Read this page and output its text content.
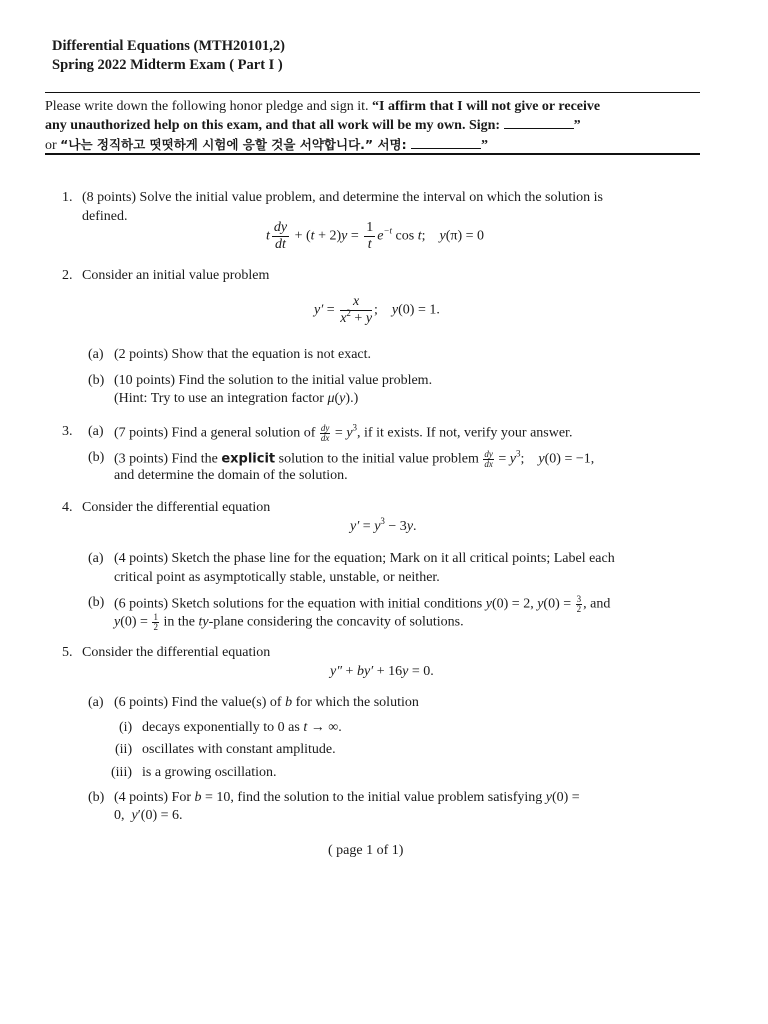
Differential Equations (MTH20101,2)
Spring 2022 Midterm Exam ( Part I )
Please write down the following honor pledge and sign it. “I affirm that I will not give or receive
any unauthorized help on this exam, and that all work will be my own. Sign:	”
or “나는 정직하고 떳떳하게 시험에 응할 것을 서약합니다.” 서명:	”
1. (8 points) Solve the initial value problem, and determine the interval on which the solution is
defined.
t $\frac{dy}{dt} + (t + 2)y = \frac{1}{t} e^{-t}$ cos t;    y(π) = 0
2. Consider an initial value problem
$y' = \frac{x}{x^2 + y}$ ;    y(0) = 1.
(a) (2 points) Show that the equation is not exact.
(b) (10 points) Find the solution to the initial value problem.
(Hint: Try to use an integration factor μ(y).)
3. (a) (7 points) Find a general solution of $\frac{dy}{dx} = y^3$, if it exists. If not, verify your answer.
(b) (3 points) Find the explicit solution to the initial value problem $\frac{dy}{dx} = y^3$;    y(0) = −1,
and determine the domain of the solution.
4. Consider the differential equation
$y' = y^3 - 3y$.
(a) (4 points) Sketch the phase line for the equation; Mark on it all critical points; Label each
critical point as asymptotically stable, unstable, or neither.
(b) (6 points) Sketch solutions for the equation with initial conditions y(0) = 2, $y(0) = \frac{3}{2}$ , and
$y(0) = \frac{1}{2}$ in the ty-plane considering the concavity of solutions.
5. Consider the differential equation
y″ + by′ + 16y = 0.
(a) (6 points) Find the value(s) of b for which the solution
(i) decays exponentially to 0 as t → ∞.
(ii) oscillates with constant amplitude.
(iii) is a growing oscillation.
(b) (4 points) For b = 10, find the solution to the initial value problem satisfying y(0) =
0,  y′(0) = 6.
( page 1 of 1)
